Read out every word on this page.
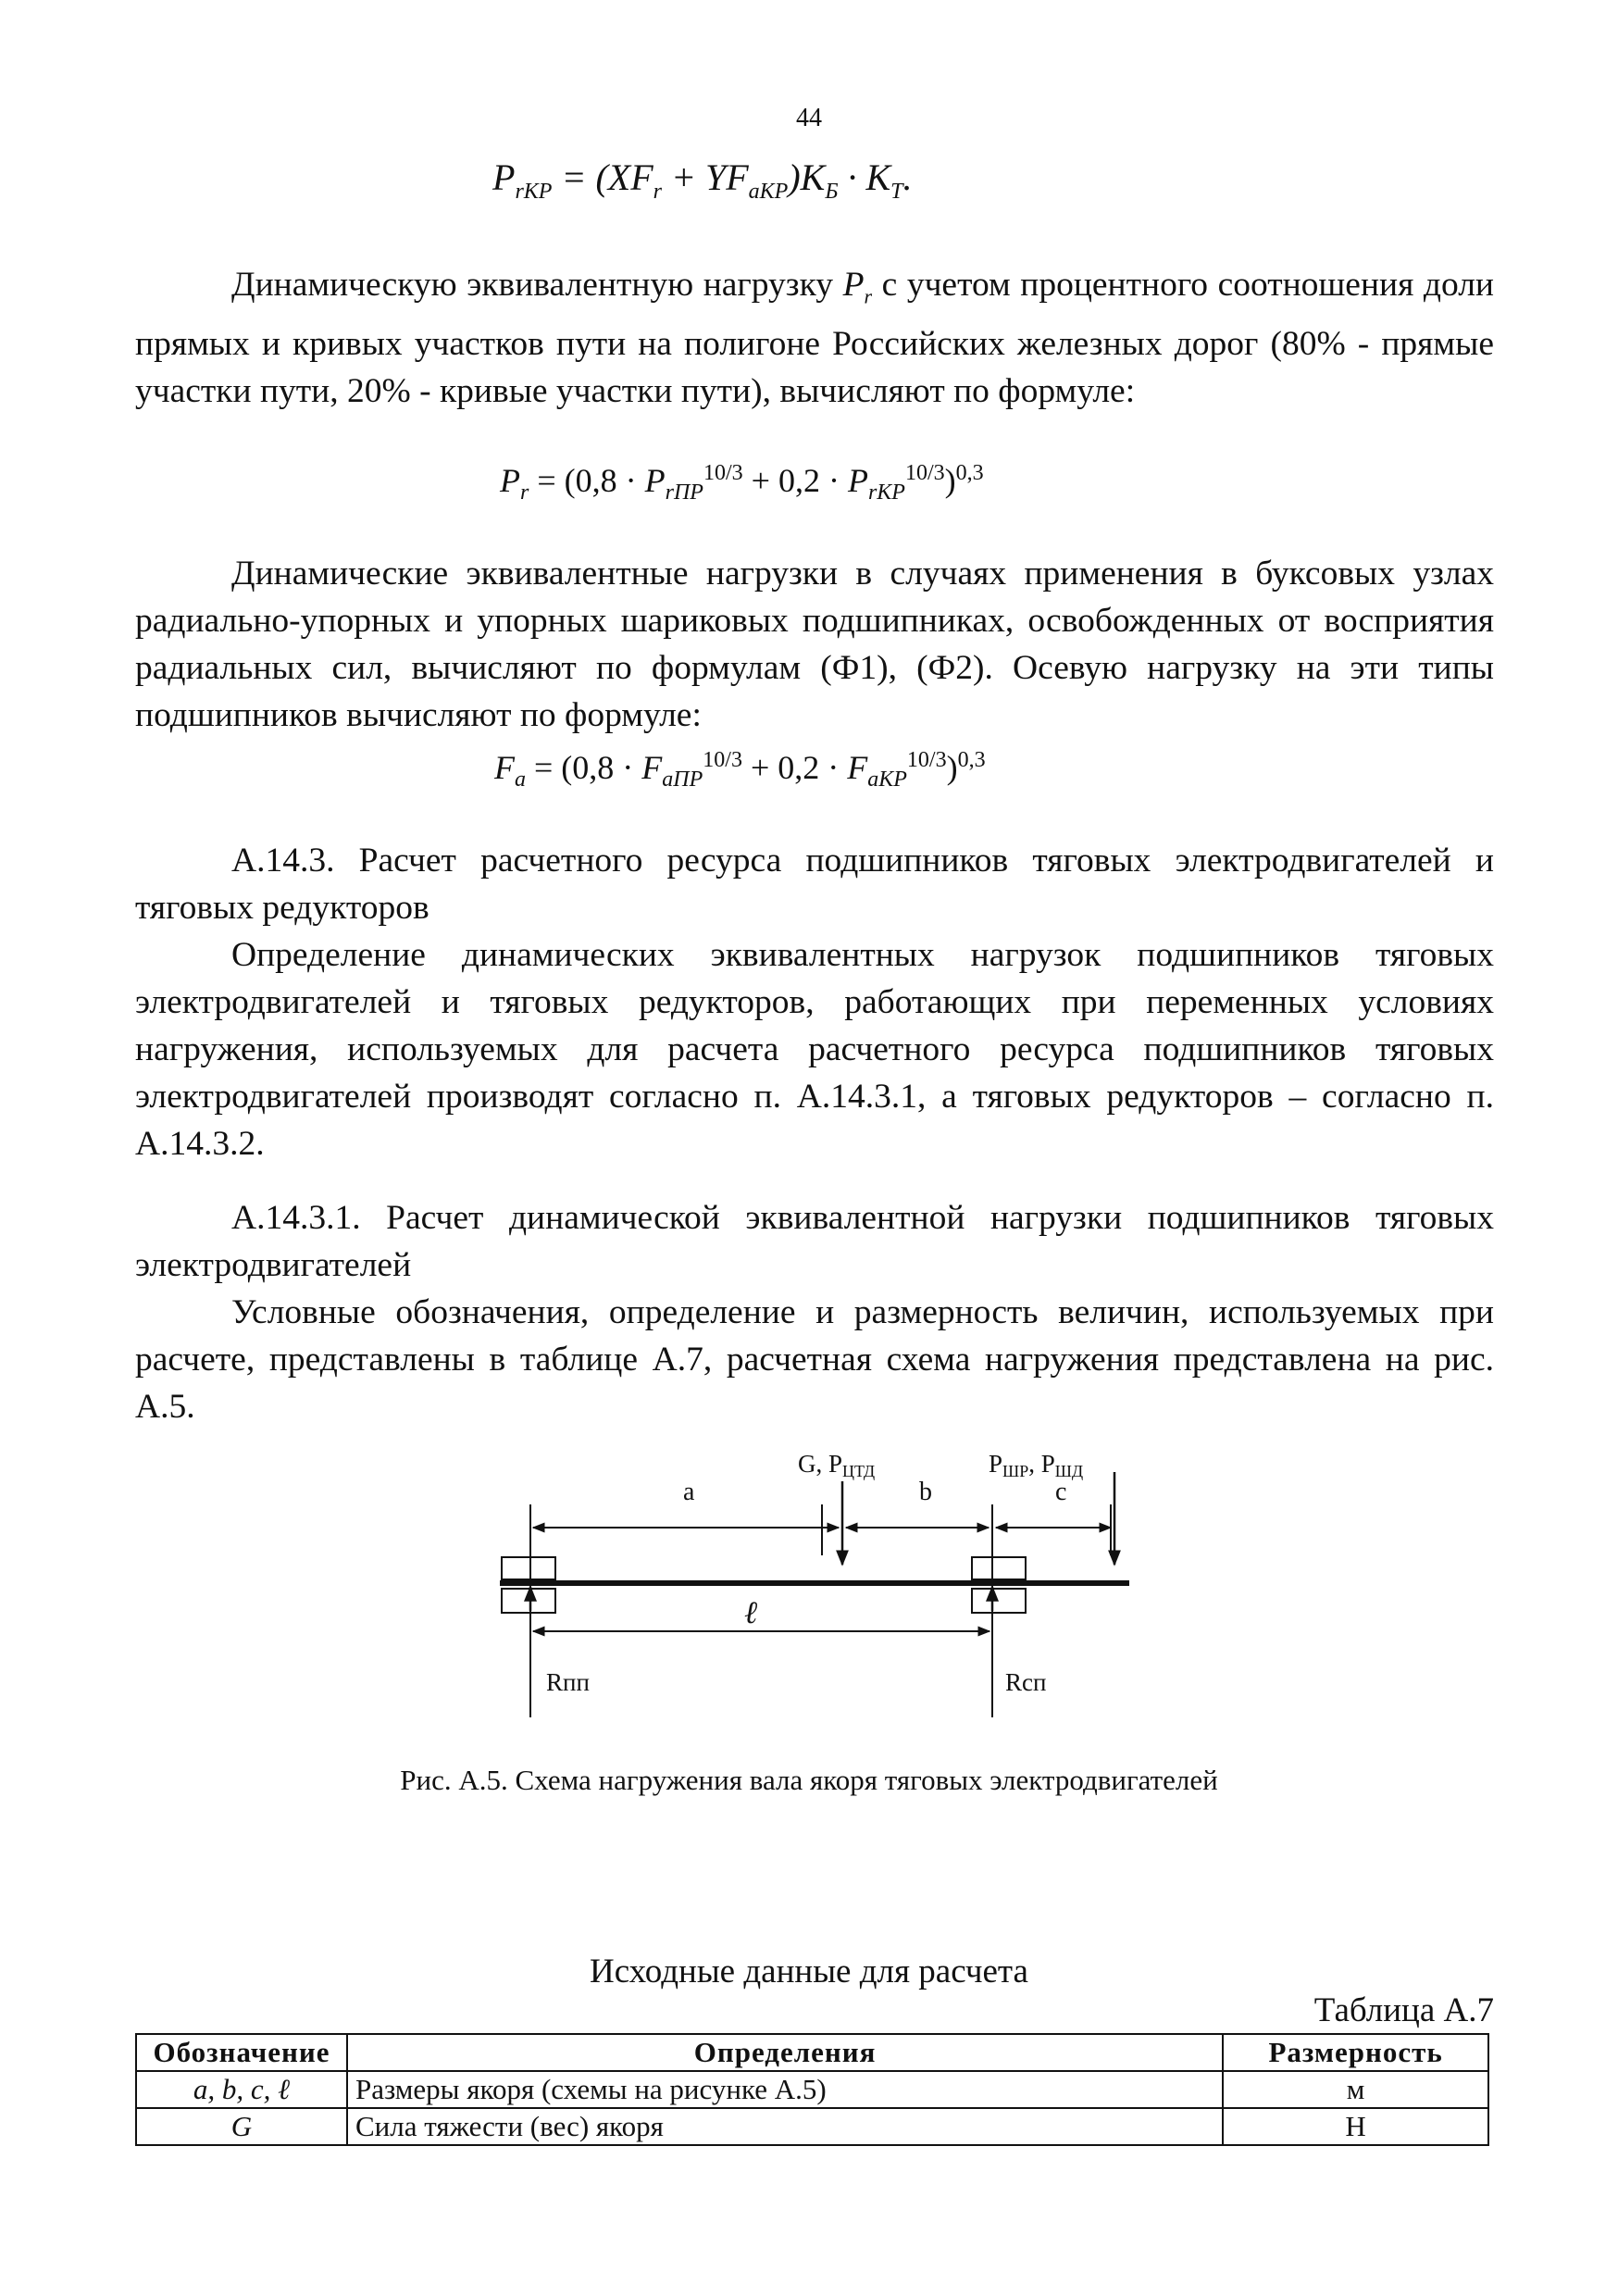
44
$P_{rKP} = (XF_r + YF_{aKP})K_Б \cdot K_T$.

Динамическую эквивалентную нагрузку $P_r$ с учетом процентного соотношения доли прямых и кривых участков пути на полигоне Российских железных дорог (80% - прямые участки пути, 20% - кривые участки пути), вычисляют по формуле:

$P_r = (0,8 \cdot P_{rПР}^{10/3} + 0,2 \cdot P_{rKP}^{10/3})^{0,3}$

Динамические эквивалентные нагрузки в случаях применения в буксовых узлах радиально-упорных и упорных шариковых подшипниках, освобожденных от восприятия радиальных сил, вычисляют по формулам (Ф1), (Ф2). Осевую нагрузку на эти типы подшипников вычисляют по формуле:

$F_a = (0,8 \cdot F_{aПР}^{10/3} + 0,2 \cdot F_{aKP}^{10/3})^{0,3}$

А.14.3. Расчет расчетного ресурса подшипников тяговых электродвигателей и тяговых редукторов

Определение динамических эквивалентных нагрузок подшипников тяговых электродвигателей и тяговых редукторов, работающих при переменных условиях нагружения, используемых для расчета расчетного ресурса подшипников тяговых электродвигателей производят согласно п. А.14.3.1, а тяговых редукторов – согласно п. А.14.3.2.

А.14.3.1. Расчет динамической эквивалентной нагрузки подшипников тяговых электродвигателей

Условные обозначения, определение и размерность величин, используемых при расчете, представлены в таблице А.7, расчетная схема нагружения представлена на рис. А.5.

G, PЦТД	PШР, PШД
a	b	c
ℓ
Rпп	Rсп
Рис. А.5. Схема нагружения вала якоря тяговых электродвигателей
Исходные данные для расчета
Таблица А.7
Обозначение	Определения	Размерность
a, b, c, ℓ	Размеры якоря (схемы на рисунке А.5)	м
G	Сила тяжести (вес) якоря	Н
